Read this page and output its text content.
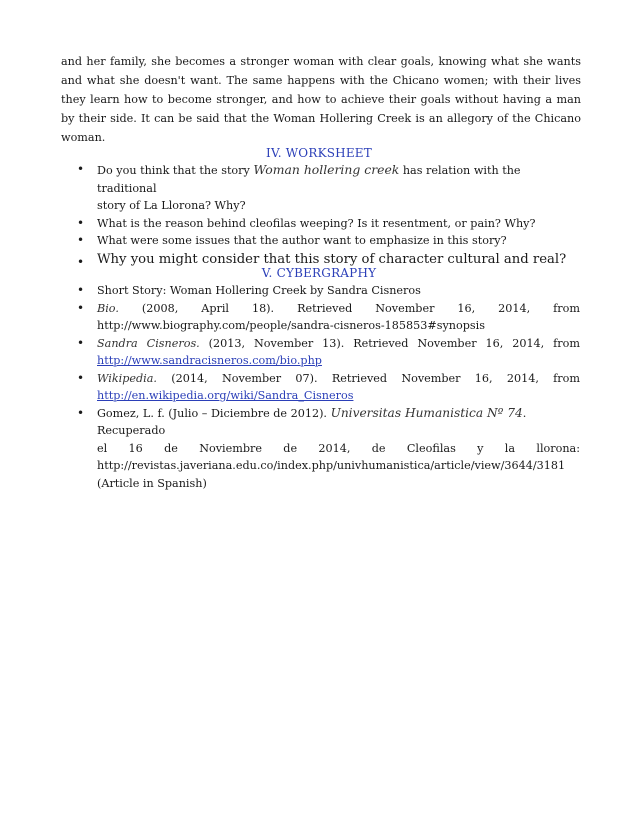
and her family, she becomes a stronger woman with clear goals, knowing what she wants and what she doesn't want. The same happens with the Chicano women; with their lives they learn how to become stronger, and how to achieve their goals without having a man by their side. It can be said that the Woman Hollering Creek is an allegory of the Chicano woman.

IV. WORKSHEET
• Do you think that the story Woman hollering creek has relation with the traditional
story of La Llorona? Why?
• What is the reason behind cleofilas weeping? Is it resentment, or pain? Why?
• What were some issues that the author want to emphasize in this story?
• Why you might consider that this story of character cultural and real?
V. CYBERGRAPHY
• Short Story: Woman Hollering Creek by Sandra Cisneros
• Bio. (2008, April 18). Retrieved November 16, 2014, from
http://www.biography.com/people/sandra-cisneros-185853#synopsis
• Sandra Cisneros. (2013, November 13). Retrieved November 16, 2014, from
http://www.sandracisneros.com/bio.php
• Wikipedia. (2014, November 07). Retrieved November 16, 2014, from
http://en.wikipedia.org/wiki/Sandra_Cisneros
• Gomez, L. f. (Julio – Diciembre de 2012). Universitas Humanistica Nº 74. Recuperado
el 16 de Noviembre de 2014, de Cleofilas y la llorona:
http://revistas.javeriana.edu.co/index.php/univhumanistica/article/view/3644/3181
(Article in Spanish)
